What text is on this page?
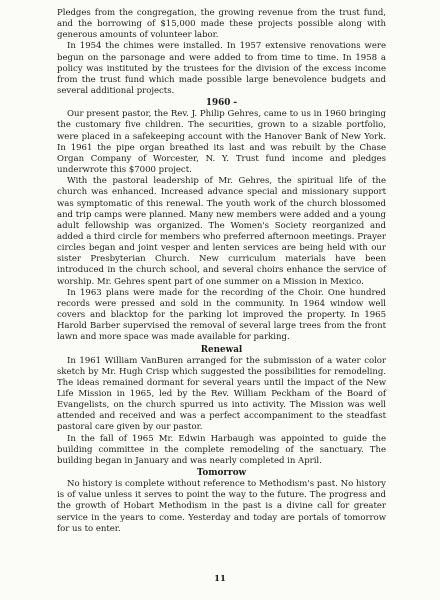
Pledges from the congregation, the growing revenue from the trust fund, and the borrowing of $15,000 made these projects possible along with generous amounts of volunteer labor.

In 1954 the chimes were installed. In 1957 extensive renovations were begun on the parsonage and were added to from time to time. In 1958 a policy was instituted by the trustees for the division of the excess income from the trust fund which made possible large benevolence budgets and several additional projects.

1960 -

Our present pastor, the Rev. J. Philip Gehres, came to us in 1960 bringing the customary five children. The securities, grown to a sizable portfolio, were placed in a safekeeping account with the Hanover Bank of New York. In 1961 the pipe organ breathed its last and was rebuilt by the Chase Organ Company of Worcester, N. Y. Trust fund income and pledges underwrote this $7000 project.

With the pastoral leadership of Mr. Gehres, the spiritual life of the church was enhanced. Increased advance special and missionary support was symptomatic of this renewal. The youth work of the church blossomed and trip camps were planned. Many new members were added and a young adult fellowship was organized. The Women's Society reorganized and added a third circle for members who preferred afternoon meetings. Prayer circles began and joint vesper and lenten services are being held with our sister Presbyterian Church. New curriculum materials have been introduced in the church school, and several choirs enhance the service of worship. Mr. Gehres spent part of one summer on a Mission in Mexico.

In 1963 plans were made for the recording of the Choir. One hundred records were pressed and sold in the community. In 1964 window well covers and blacktop for the parking lot improved the property. In 1965 Harold Barber supervised the removal of several large trees from the front lawn and more space was made available for parking.

Renewal

In 1961 William VanBuren arranged for the submission of a water color sketch by Mr. Hugh Crisp which suggested the possibilities for remodeling. The ideas remained dormant for several years until the impact of the New Life Mission in 1965, led by the Rev. William Peckham of the Board of Evangelists, on the church spurred us into activity. The Mission was well attended and received and was a perfect accompaniment to the steadfast pastoral care given by our pastor.

In the fall of 1965 Mr. Edwin Harbaugh was appointed to guide the building committee in the complete remodeling of the sanctuary. The building began in January and was nearly completed in April.

Tomorrow

No history is complete without reference to Methodism's past. No history is of value unless it serves to point the way to the future. The progress and the growth of Hobart Methodism in the past is a divine call for greater service in the years to come. Yesterday and today are portals of tomorrow for us to enter.

11
